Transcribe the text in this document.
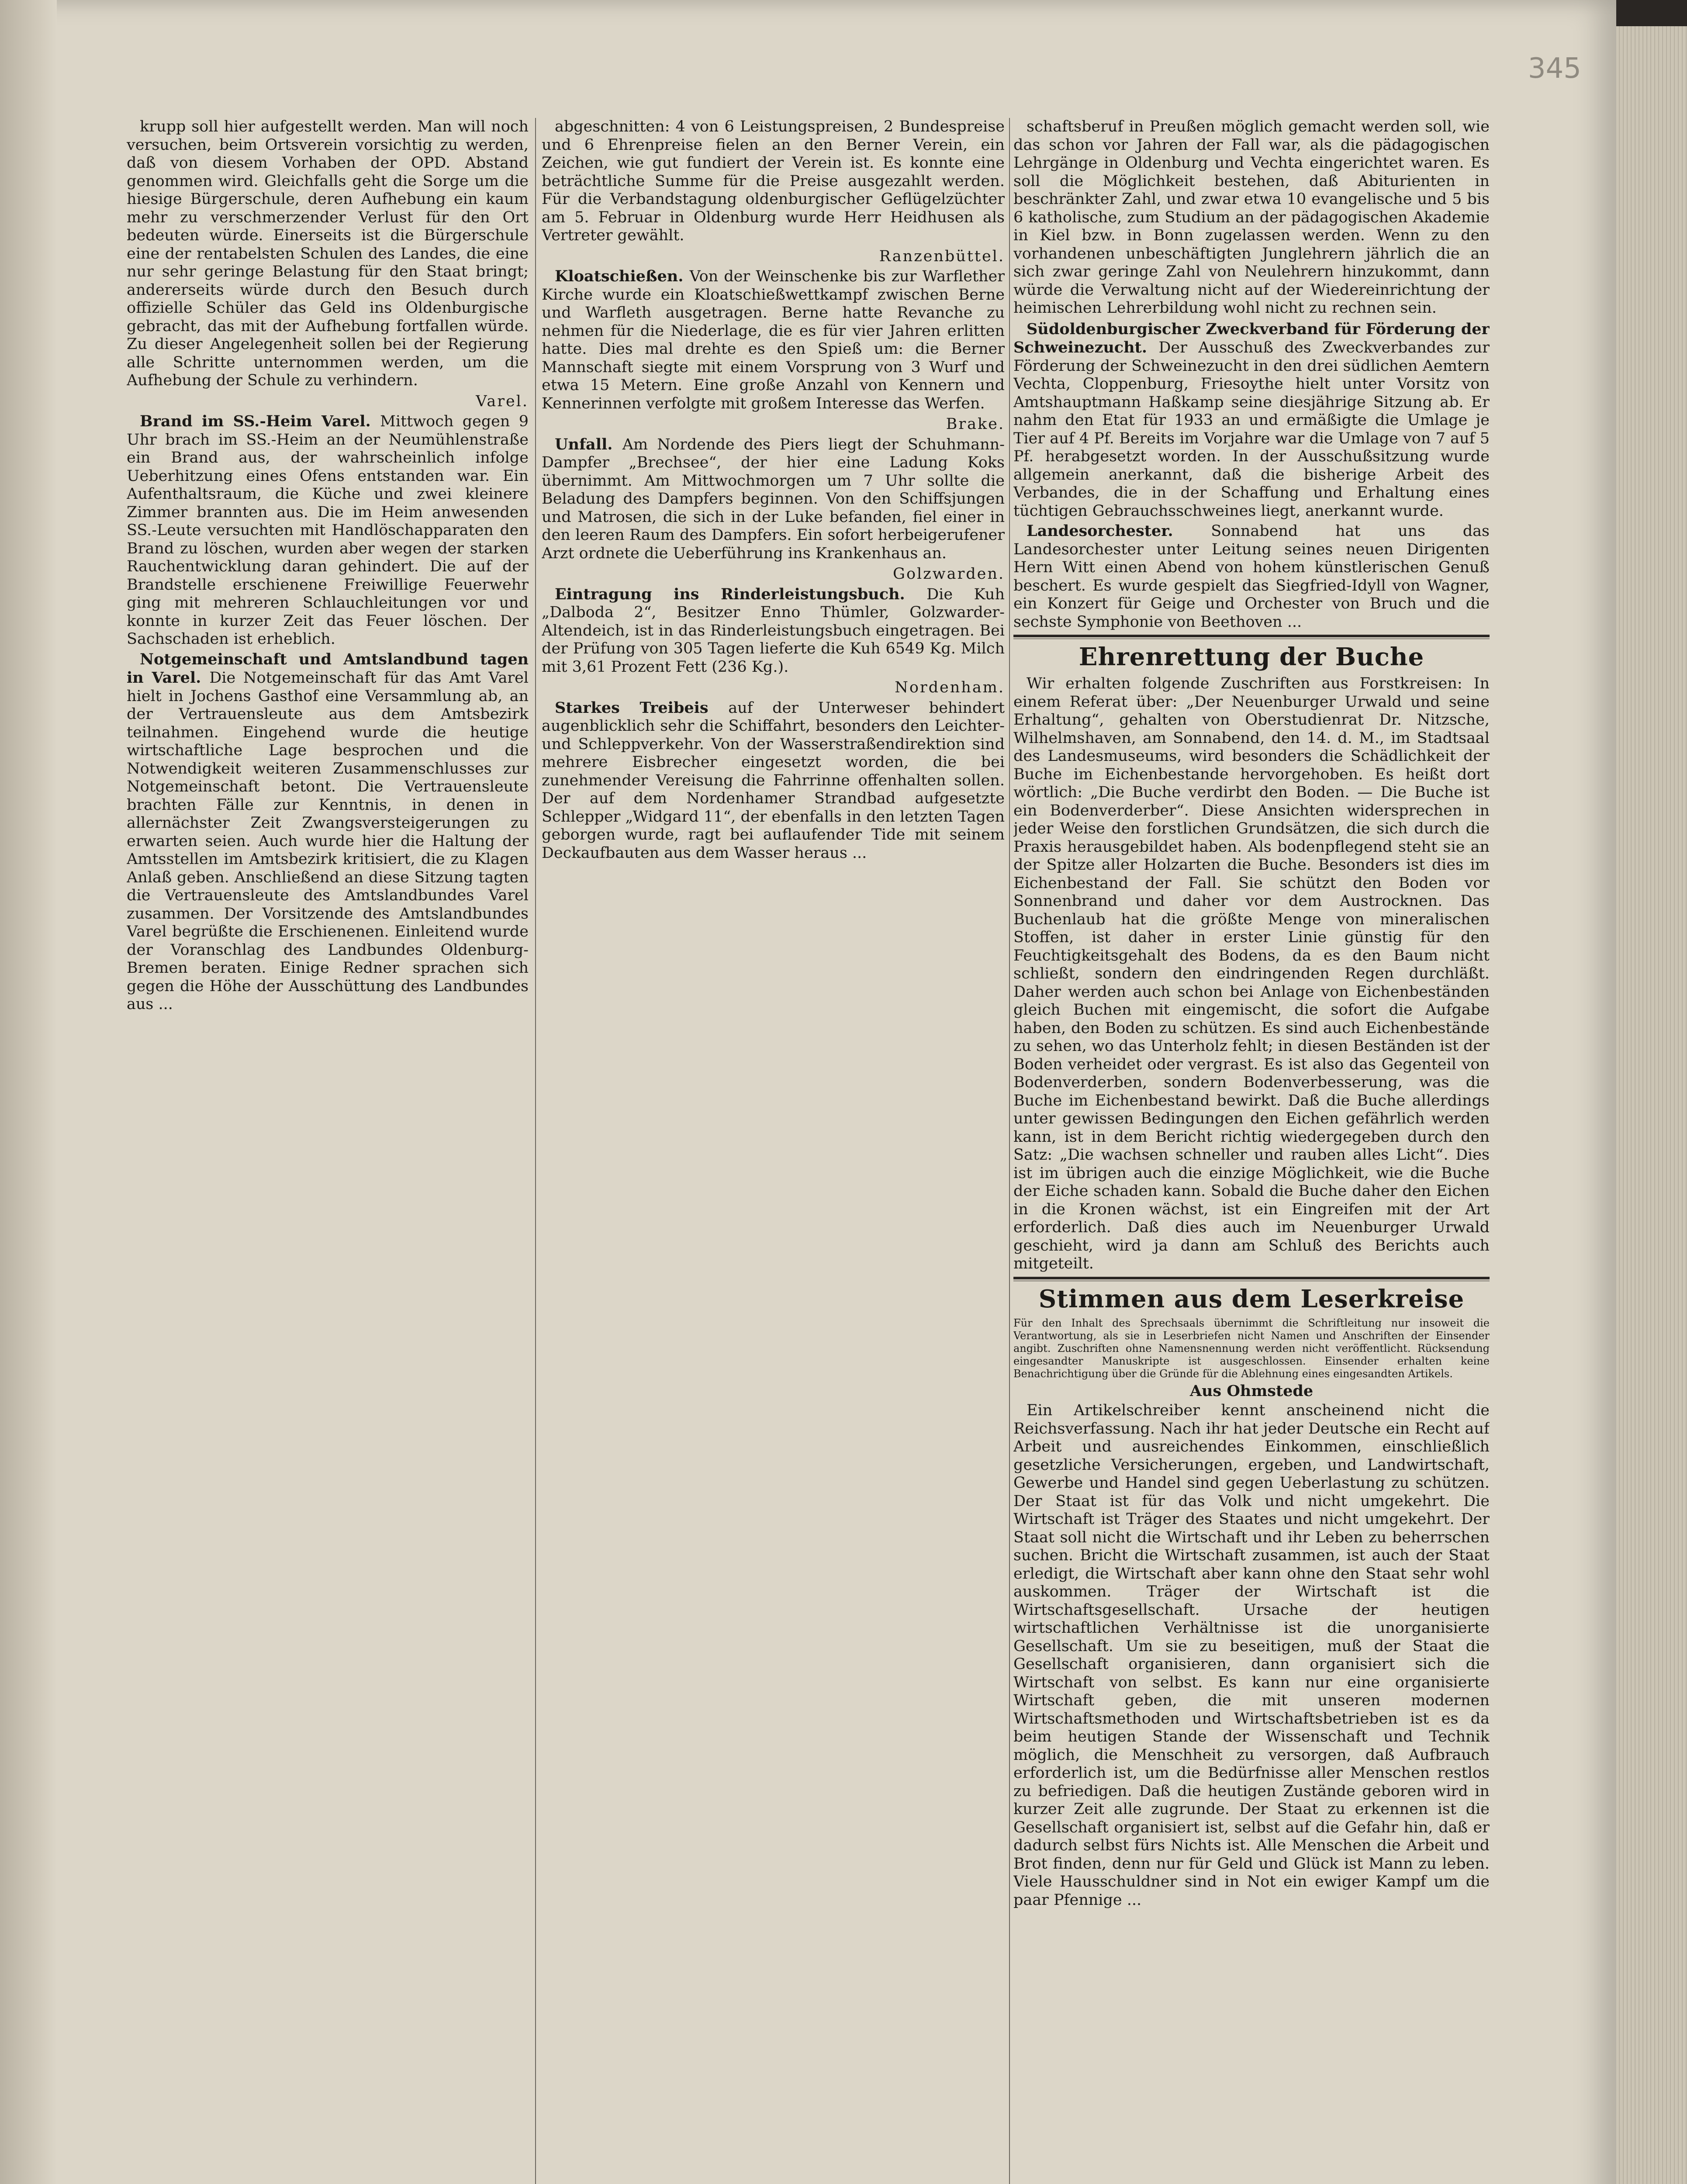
345

krupp soll hier aufgestellt werden. Man will noch versuchen, beim Ortsverein vorsichtig zu werden, daß von diesem Vorhaben der OPD. Abstand genommen wird. Gleichfalls geht die Sorge um die hiesige Bürgerschule, deren Aufhebung ein kaum mehr zu verschmerzender Verlust für den Ort bedeuten würde. Einerseits ist die Bürgerschule eine der rentabelsten Schulen des Landes, die eine nur sehr geringe Belastung für den Staat bringt; andererseits würde durch den Besuch durch offizielle Schüler das Geld ins Oldenburgische gebracht, das mit der Aufhebung fortfallen würde. Zu dieser Angelegenheit sollen bei der Regierung alle Schritte unternommen werden, um die Aufhebung der Schule zu verhindern.

Varel.

Brand im SS.-Heim Varel. Mittwoch gegen 9 Uhr brach im SS.-Heim an der Neumühlenstraße ein Brand aus, der wahrscheinlich infolge Ueberhitzung eines Ofens entstanden war. Ein Aufenthaltsraum, die Küche und zwei kleinere Zimmer brannten aus. Die im Heim anwesenden SS.-Leute versuchten mit Handlöschapparaten den Brand zu löschen, wurden aber wegen der starken Rauchentwicklung daran gehindert. Die auf der Brandstelle erschienene Freiwillige Feuerwehr ging mit mehreren Schlauchleitungen vor und konnte in kurzer Zeit das Feuer löschen. Der Sachschaden ist erheblich.

Notgemeinschaft und Amtslandbund tagen in Varel. Die Notgemeinschaft für das Amt Varel hielt in Jochens Gasthof eine Versammlung ab, an der Vertrauensleute aus dem Amtsbezirk teilnahmen. Eingehend wurde die heutige wirtschaftliche Lage besprochen und die Notwendigkeit weiteren Zusammenschlusses zur Notgemeinschaft betont. Die Vertrauensleute brachten Fälle zur Kenntnis, in denen in allernächster Zeit Zwangsversteigerungen zu erwarten seien. Auch wurde hier die Haltung der Amtsstellen im Amtsbezirk kritisiert, die zu Klagen Anlaß geben. Anschließend an diese Sitzung tagten die Vertrauensleute des Amtslandbundes Varel zusammen. Der Vorsitzende des Amtslandbundes Varel begrüßte die Erschienenen. Einleitend wurde der Voranschlag des Landbundes Oldenburg-Bremen beraten. Einige Redner sprachen sich gegen die Höhe der Ausschüttung des Landbundes aus ...

abgeschnitten: 4 von 6 Leistungspreisen, 2 Bundespreise und 6 Ehrenpreise fielen an den Berner Verein, ein Zeichen, wie gut fundiert der Verein ist. Es konnte eine beträchtliche Summe für die Preise ausgezahlt werden. Für die Verbandstagung oldenburgischer Geflügelzüchter am 5. Februar in Oldenburg wurde Herr Heidhusen als Vertreter gewählt.

Ranzenbüttel.

Kloatschießen. Von der Weinschenke bis zur Warflether Kirche wurde ein Kloatschießwettkampf zwischen Berne und Warfleth ausgetragen. Berne hatte Revanche zu nehmen für die Niederlage, die es für vier Jahren erlitten hatte. Dies mal drehte es den Spieß um: die Berner Mannschaft siegte mit einem Vorsprung von 3 Wurf und etwa 15 Metern. Eine große Anzahl von Kennern und Kennerinnen verfolgte mit großem Interesse das Werfen.

Brake.

Unfall. Am Nordende des Piers liegt der Schuhmann-Dampfer „Brechsee“, der hier eine Ladung Koks übernimmt. Am Mittwochmorgen um 7 Uhr sollte die Beladung des Dampfers beginnen. Von den Schiffsjungen und Matrosen, die sich in der Luke befanden, fiel einer in den leeren Raum des Dampfers. Ein sofort herbeigerufener Arzt ordnete die Ueberführung ins Krankenhaus an.

Golzwarden.

Eintragung ins Rinderleistungsbuch. Die Kuh „Dalboda 2“, Besitzer Enno Thümler, Golzwarder-Altendeich, ist in das Rinderleistungsbuch eingetragen. Bei der Prüfung von 305 Tagen lieferte die Kuh 6549 Kg. Milch mit 3,61 Prozent Fett (236 Kg.).

Nordenham.

Starkes Treibeis auf der Unterweser behindert augenblicklich sehr die Schiffahrt, besonders den Leichter- und Schleppverkehr. Von der Wasserstraßendirektion sind mehrere Eisbrecher eingesetzt worden, die bei zunehmender Vereisung die Fahrrinne offenhalten sollen. Der auf dem Nordenhamer Strandbad aufgesetzte Schlepper „Widgard 11“, der ebenfalls in den letzten Tagen geborgen wurde, ragt bei auflaufender Tide mit seinem Deckaufbauten aus dem Wasser heraus ...

schaftsberuf in Preußen möglich gemacht werden soll, wie das schon vor Jahren der Fall war, als die pädagogischen Lehrgänge in Oldenburg und Vechta eingerichtet waren. Es soll die Möglichkeit bestehen, daß Abiturienten in beschränkter Zahl, und zwar etwa 10 evangelische und 5 bis 6 katholische, zum Studium an der pädagogischen Akademie in Kiel bzw. in Bonn zugelassen werden. Wenn zu den vorhandenen unbeschäftigten Junglehrern jährlich die an sich zwar geringe Zahl von Neulehrern hinzukommt, dann würde die Verwaltung nicht auf der Wiedereinrichtung der heimischen Lehrerbildung wohl nicht zu rechnen sein.

Südoldenburgischer Zweckverband für Förderung der Schweinezucht. Der Ausschuß des Zweckverbandes zur Förderung der Schweinezucht in den drei südlichen Aemtern Vechta, Cloppenburg, Friesoythe hielt unter Vorsitz von Amtshauptmann Haßkamp seine diesjährige Sitzung ab. Er nahm den Etat für 1933 an und ermäßigte die Umlage je Tier auf 4 Pf. Bereits im Vorjahre war die Umlage von 7 auf 5 Pf. herabgesetzt worden. In der Ausschußsitzung wurde allgemein anerkannt, daß die bisherige Arbeit des Verbandes, die in der Schaffung und Erhaltung eines tüchtigen Gebrauchsschweines liegt, anerkannt wurde.

Landesorchester. Sonnabend hat uns das Landesorchester unter Leitung seines neuen Dirigenten Hern Witt einen Abend von hohem künstlerischen Genuß beschert. Es wurde gespielt das Siegfried-Idyll von Wagner, ein Konzert für Geige und Orchester von Bruch und die sechste Symphonie von Beethoven ...

Ehrenrettung der Buche

Wir erhalten folgende Zuschriften aus Forstkreisen: In einem Referat über: „Der Neuenburger Urwald und seine Erhaltung“, gehalten von Oberstudienrat Dr. Nitzsche, Wilhelmshaven, am Sonnabend, den 14. d. M., im Stadtsaal des Landesmuseums, wird besonders die Schädlichkeit der Buche im Eichenbestande hervorgehoben. Es heißt dort wörtlich: „Die Buche verdirbt den Boden. — Die Buche ist ein Bodenverderber“. Diese Ansichten widersprechen in jeder Weise den forstlichen Grundsätzen, die sich durch die Praxis herausgebildet haben. Als bodenpflegend steht sie an der Spitze aller Holzarten die Buche. Besonders ist dies im Eichenbestand der Fall. Sie schützt den Boden vor Sonnenbrand und daher vor dem Austrocknen. Das Buchenlaub hat die größte Menge von mineralischen Stoffen, ist daher in erster Linie günstig für den Feuchtigkeitsgehalt des Bodens, da es den Baum nicht schließt, sondern den eindringenden Regen durchläßt. Daher werden auch schon bei Anlage von Eichenbeständen gleich Buchen mit eingemischt, die sofort die Aufgabe haben, den Boden zu schützen. Es sind auch Eichenbestände zu sehen, wo das Unterholz fehlt; in diesen Beständen ist der Boden verheidet oder vergrast. Es ist also das Gegenteil von Bodenverderben, sondern Bodenverbesserung, was die Buche im Eichenbestand bewirkt. Daß die Buche allerdings unter gewissen Bedingungen den Eichen gefährlich werden kann, ist in dem Bericht richtig wiedergegeben durch den Satz: „Die wachsen schneller und rauben alles Licht“. Dies ist im übrigen auch die einzige Möglichkeit, wie die Buche der Eiche schaden kann. Sobald die Buche daher den Eichen in die Kronen wächst, ist ein Eingreifen mit der Art erforderlich. Daß dies auch im Neuenburger Urwald geschieht, wird ja dann am Schluß des Berichts auch mitgeteilt.

Stimmen aus dem Leserkreise

Für den Inhalt des Sprechsaals übernimmt die Schriftleitung nur insoweit die Verantwortung, als sie in Leserbriefen nicht Namen und Anschriften der Einsender angibt. Zuschriften ohne Namensnennung werden nicht veröffentlicht. Rücksendung eingesandter Manuskripte ist ausgeschlossen. Einsender erhalten keine Benachrichtigung über die Gründe für die Ablehnung eines eingesandten Artikels.

Aus Ohmstede

Ein Artikelschreiber kennt anscheinend nicht die Reichsverfassung. Nach ihr hat jeder Deutsche ein Recht auf Arbeit und ausreichendes Einkommen, einschließlich gesetzliche Versicherungen, ergeben, und Landwirtschaft, Gewerbe und Handel sind gegen Ueberlastung zu schützen. Der Staat ist für das Volk und nicht umgekehrt. Die Wirtschaft ist Träger des Staates und nicht umgekehrt. Der Staat soll nicht die Wirtschaft und ihr Leben zu beherrschen suchen. Bricht die Wirtschaft zusammen, ist auch der Staat erledigt, die Wirtschaft aber kann ohne den Staat sehr wohl auskommen. Träger der Wirtschaft ist die Wirtschaftsgesellschaft. Ursache der heutigen wirtschaftlichen Verhältnisse ist die unorganisierte Gesellschaft. Um sie zu beseitigen, muß der Staat die Gesellschaft organisieren, dann organisiert sich die Wirtschaft von selbst. Es kann nur eine organisierte Wirtschaft geben, die mit unseren modernen Wirtschaftsmethoden und Wirtschaftsbetrieben ist es da beim heutigen Stande der Wissenschaft und Technik möglich, die Menschheit zu versorgen, daß Aufbrauch erforderlich ist, um die Bedürfnisse aller Menschen restlos zu befriedigen. Daß die heutigen Zustände geboren wird in kurzer Zeit alle zugrunde. Der Staat zu erkennen ist die Gesellschaft organisiert ist, selbst auf die Gefahr hin, daß er dadurch selbst fürs Nichts ist. Alle Menschen die Arbeit und Brot finden, denn nur für Geld und Glück ist Mann zu leben. Viele Hausschuldner sind in Not ein ewiger Kampf um die paar Pfennige ...
